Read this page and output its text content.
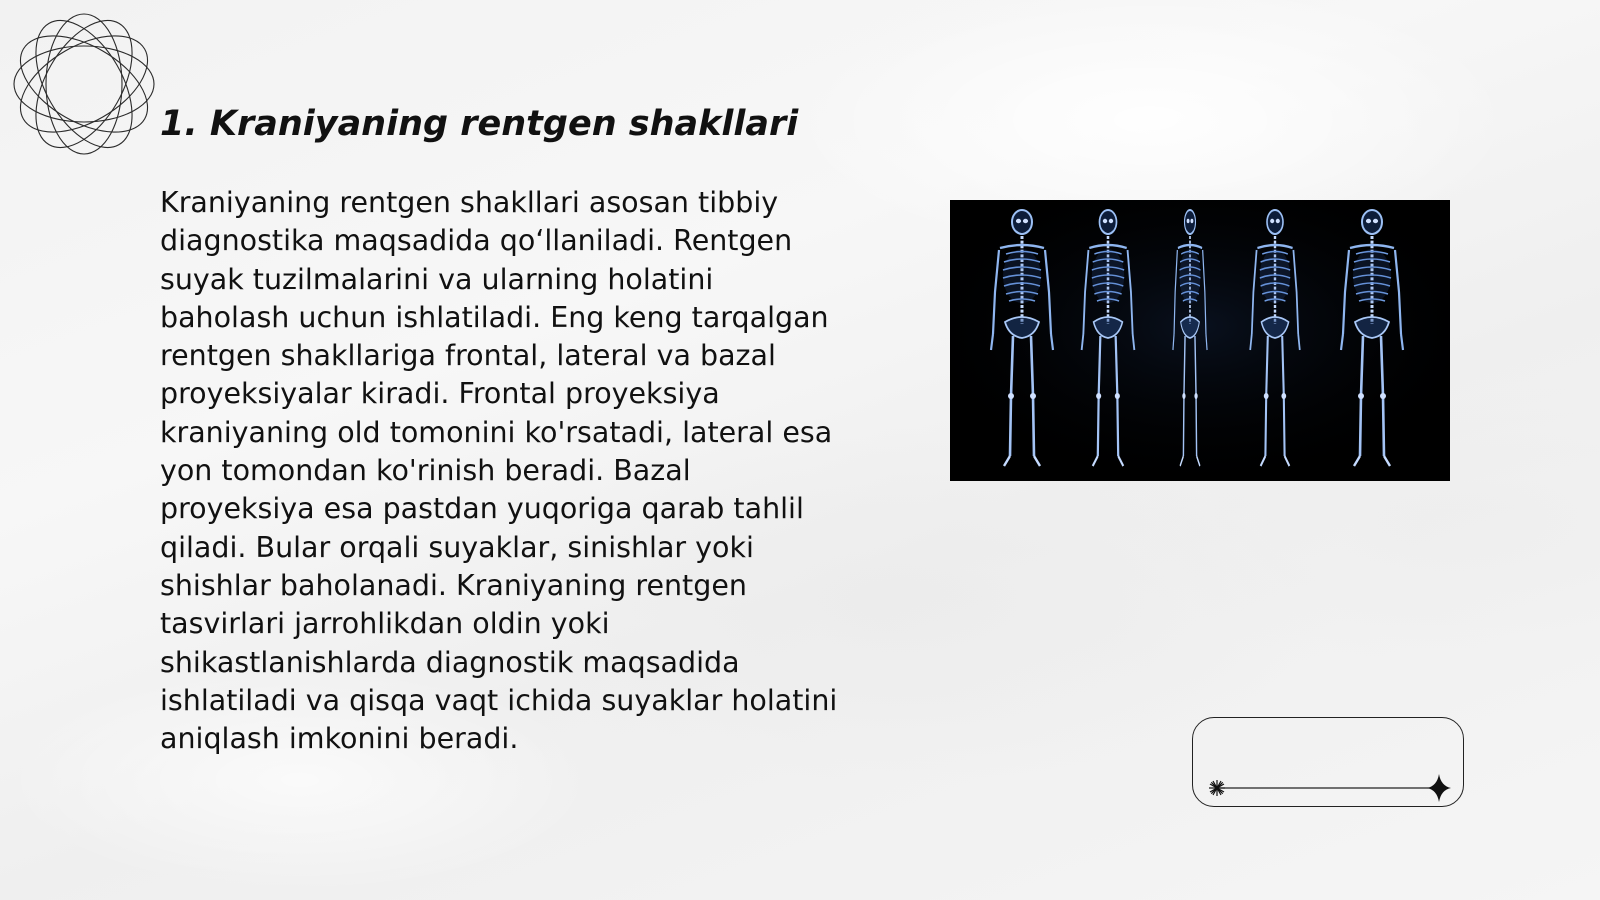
1. Kraniyaning rentgen shakllari

Kraniyaning rentgen shakllari asosan tibbiy diagnostika maqsadida qo‘llaniladi. Rentgen suyak tuzilmalarini va ularning holatini baholash uchun ishlatiladi. Eng keng tarqalgan rentgen shakllariga frontal, lateral va bazal proyeksiyalar kiradi. Frontal proyeksiya kraniyaning old tomonini ko'rsatadi, lateral esa yon tomondan ko'rinish beradi. Bazal proyeksiya esa pastdan yuqoriga qarab tahlil qiladi. Bular orqali suyaklar, sinishlar yoki shishlar baholanadi. Kraniyaning rentgen tasvirlari jarrohlikdan oldin yoki shikastlanishlarda diagnostik maqsadida ishlatiladi va qisqa vaqt ichida suyaklar holatini aniqlash imkonini beradi.
